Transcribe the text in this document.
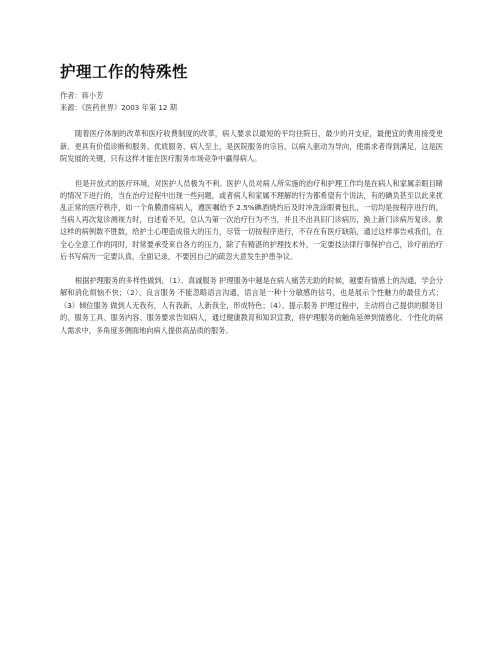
护理工作的特殊性

作者：蒋小芳

来源：《医药世界》2003 年第 12 期

随着医疗体制的改革和医疗收费制度的改革，病人要求以最短的平均住院日，最少的开支症，最便宜的费用接受更新、更具有价值诊断和服务。优质服务、病人至上，是医院服务的宗旨，以病人驱动为导向，使需求者得到满足，这是医院发展的关键，只有这样才能在医疗服务市场竞争中赢得病人。

但是开放式的医疗环境，对医护人员极为不利。医护人员对病人所实施的治疗和护理工作均是在病人和家属亲眼目睹的情况下进行的，当在治疗过程中出现一些问题，或者病人和家属不理解的行为都希望有个说法，有的碘负甚至以此来扰乱正常的医疗秩序，如一个角膜溃疡病人，遵医嘱给予 2.5%碘酒烧灼后及时冲洗涂眼膏包扎，一切均是按程序进行的，当病人再次复诊测视力时，自述看不见，总认为第一次治疗行为不当，并且不出具旧门诊病历，换上新门诊病历复诊。象这样的病例数不胜数，给护士心理造成很大的压力，尽管一切按程序进行，不存在有医疗缺陷，通过这样事告戒我们，在全心全意工作的同时，时常要承受来自各方的压力，除了有精湛的护理技术外，一定要技法律行事保护自己，诊疗前治疗后书写病历一定要认真，全面记录，不要因自己的疏忽大意发生护患争议。

根据护理服务的多样性做到，（1）、真诚服务 护理服务中越是在病人痛苦无助的时候，越要有情感上的沟通，学会分解和消化烦恼不快；（2）、良言服务 不能忽略语言沟通，语言是一种十分敏感的信号，也是展示个性魅力的最佳方式；（3）倾位服务 做到人无我有，人有我新，人新我全，形成特色；（4）、提示服务 护理过程中，主动将自己提供的服务目的、服务工具、服务内容、服务要求告知病人，通过健康教育和知识宣教，将护理服务的触角延伸到情感化、个性化的病人需求中，多角度多侧面地向病人提供高品质的服务。
